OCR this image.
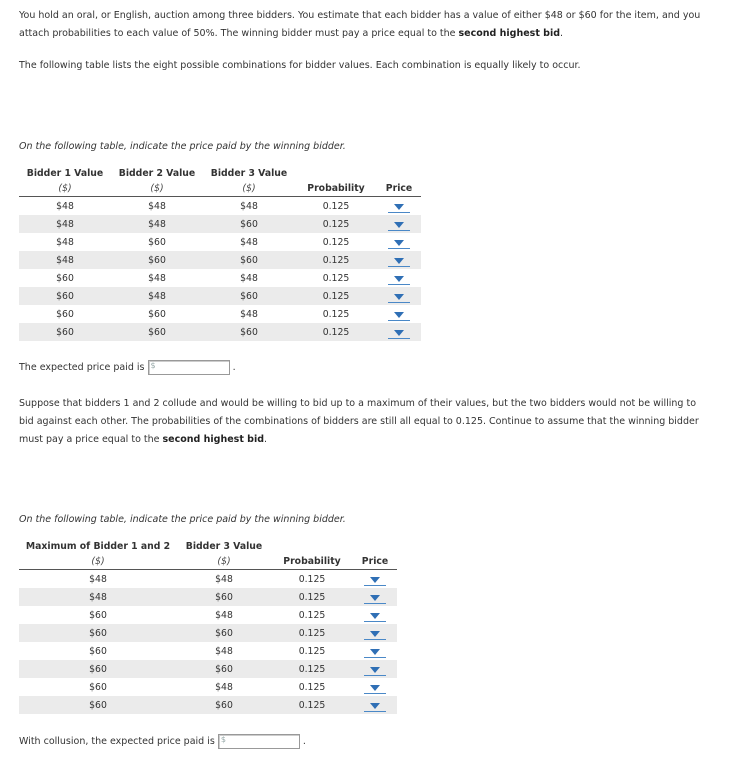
You hold an oral, or English, auction among three bidders. You estimate that each bidder has a value of either $48 or $60 for the item, and you attach probabilities to each value of 50%. The winning bidder must pay a price equal to the second highest bid.

The following table lists the eight possible combinations for bidder values. Each combination is equally likely to occur.

On the following table, indicate the price paid by the winning bidder.

Bidder 1 Value	Bidder 2 Value	Bidder 3 Value		
($)	($)	($)	Probability	Price
$48	$48	$48	0.125	

$48	$48	$60	0.125	

$48	$60	$48	0.125	

$48	$60	$60	0.125	

$60	$48	$48	0.125	

$60	$48	$60	0.125	

$60	$60	$48	0.125	

$60	$60	$60	0.125	

The expected price paid is $	.

Suppose that bidders 1 and 2 collude and would be willing to bid up to a maximum of their values, but the two bidders would not be willing to bid against each other. The probabilities of the combinations of bidders are still all equal to 0.125. Continue to assume that the winning bidder must pay a price equal to the second highest bid.

On the following table, indicate the price paid by the winning bidder.

Maximum of Bidder 1 and 2	Bidder 3 Value		
($)	($)	Probability	Price
$48	$48	0.125	

$48	$60	0.125	

$60	$48	0.125	

$60	$60	0.125	

$60	$48	0.125	

$60	$60	0.125	

$60	$48	0.125	

$60	$60	0.125	

With collusion, the expected price paid is $	.
